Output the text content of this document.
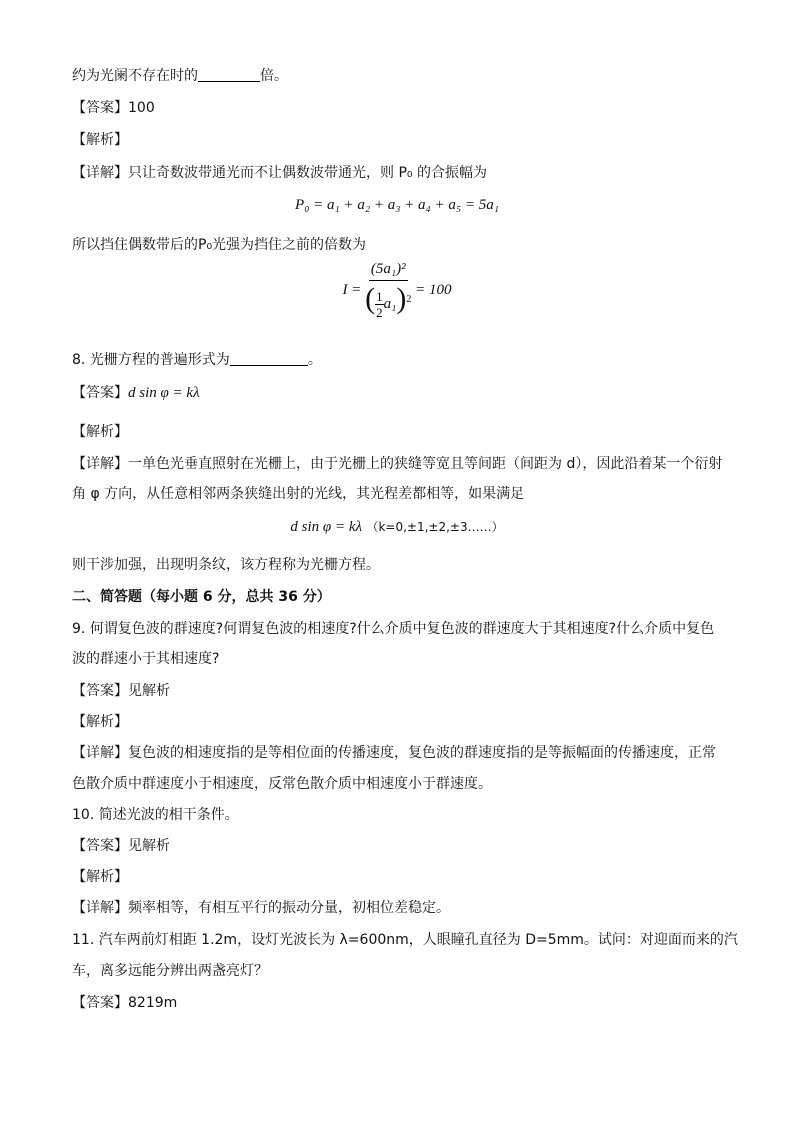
约为光阑不存在时的	倍。
【答案】100
【解析】
【详解】只让奇数波带通光而不让偶数波带通光，则 P₀ 的合振幅为
P₀ = a₁ + a₂ + a₃ + a₄ + a₅ = 5a₁
所以挡住偶数带后的P₀光强为挡住之前的倍数为
$I = \frac{\text{(5a₁)²}}{( \frac{1}{2} a_1)^2} = 100$
8. 光栅方程的普遍形式为	。
【答案】d sin φ = kλ
【解析】
【详解】一单色光垂直照射在光栅上，由于光栅上的狭缝等宽且等间距（间距为 d），因此沿着某一个衍射
角 φ 方向，从任意相邻两条狭缝出射的光线，其光程差都相等，如果满足
d sin φ = kλ （k=0,±1,±2,±3……）
则干涉加强，出现明条纹，该方程称为光栅方程。
二、简答题（每小题 6 分，总共 36 分）
9. 何谓复色波的群速度?何谓复色波的相速度?什么介质中复色波的群速度大于其相速度?什么介质中复色
波的群速小于其相速度?
【答案】见解析
【解析】
【详解】复色波的相速度指的是等相位面的传播速度，复色波的群速度指的是等振幅面的传播速度，正常
色散介质中群速度小于相速度，反常色散介质中相速度小于群速度。
10. 简述光波的相干条件。
【答案】见解析
【解析】
【详解】频率相等，有相互平行的振动分量，初相位差稳定。
11. 汽车两前灯相距 1.2m，设灯光波长为 λ=600nm，人眼瞳孔直径为 D=5mm。试问：对迎面而来的汽
车，离多远能分辨出两盏亮灯？
【答案】8219m
